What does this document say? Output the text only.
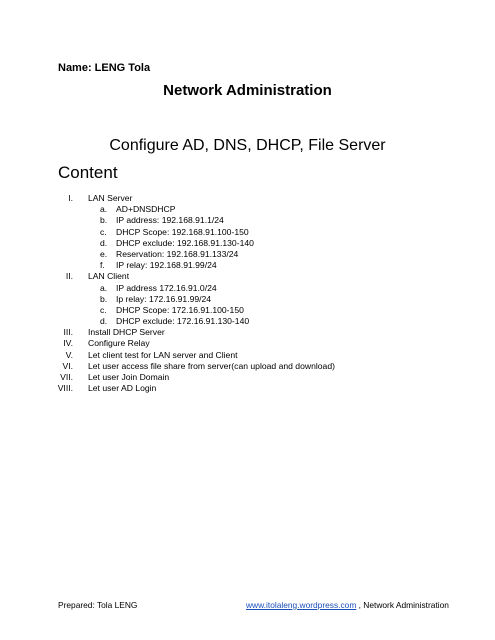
Name: LENG Tola
Network Administration
Configure AD, DNS, DHCP, File Server
Content
I. LAN Server
a. AD+DNSDHCP
b. IP address: 192.168.91.1/24
c. DHCP Scope: 192.168.91.100-150
d. DHCP exclude: 192.168.91.130-140
e. Reservation: 192.168.91.133/24
f. IP relay: 192.168.91.99/24
II. LAN Client
a. IP address 172.16.91.0/24
b. Ip relay: 172.16.91.99/24
c. DHCP Scope: 172.16.91.100-150
d. DHCP exclude: 172.16.91.130-140
III. Install DHCP Server
IV. Configure Relay
V. Let client test for LAN server and Client
VI. Let user access file share from server(can upload and download)
VII. Let user Join Domain
VIII. Let user AD Login
Prepared: Tola LENG	www.itolaleng.wordpress.com , Network Administration
